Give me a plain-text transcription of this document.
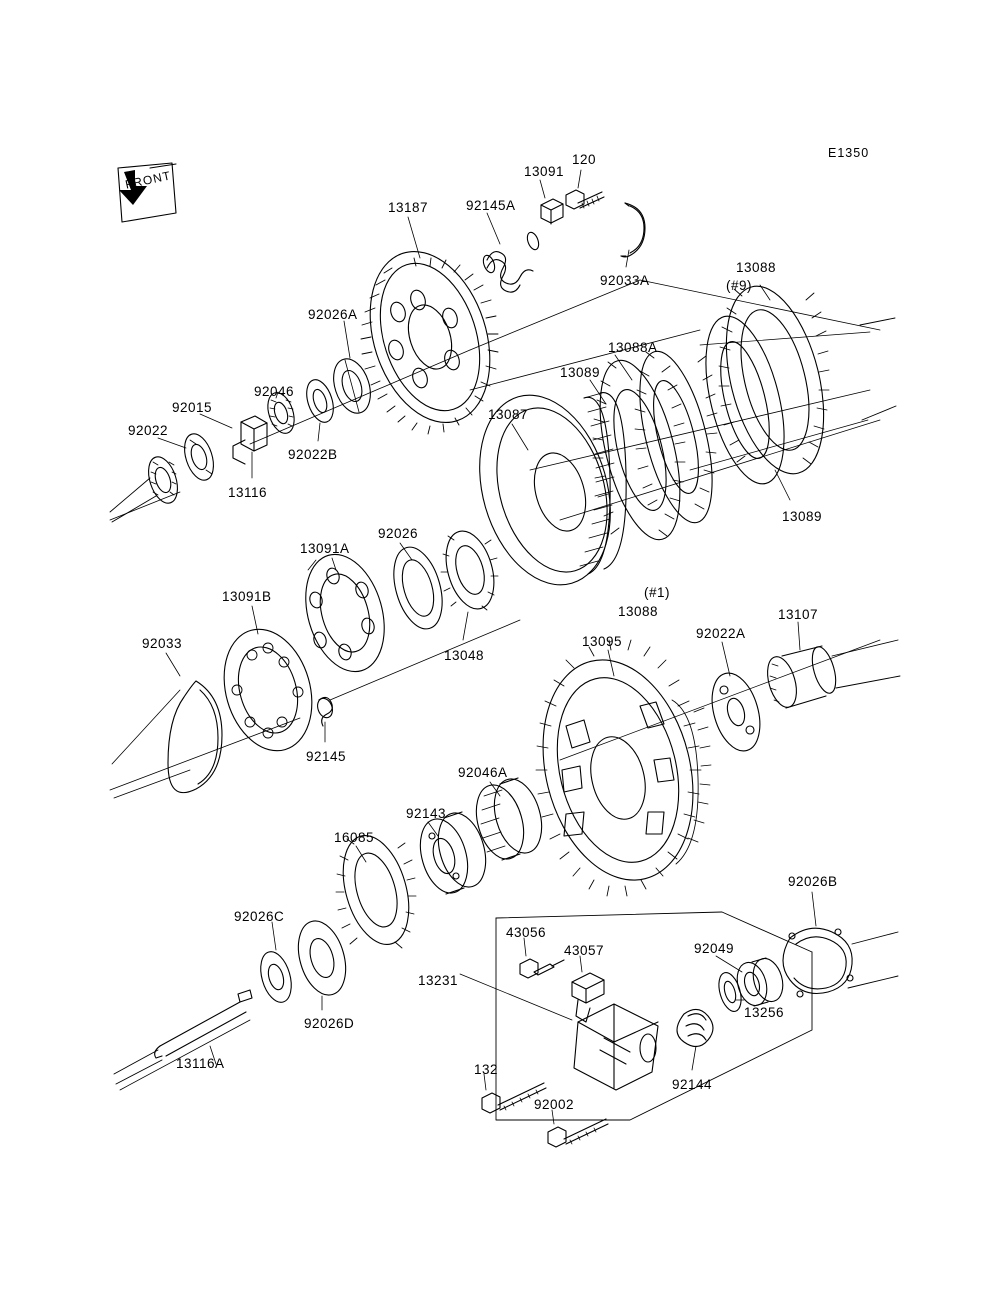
FRONT
E1350
13091
120
13187	92145A
92033A
13088
(#9)
92026A
13088A
13089
92046
92015	13087
92022
92022B
13116
13089
92026
13091A
(#1)
13088
13091B
13107
13095
92022A
92033
13048
92145
92046A
92143
16085
92026B
92026C
43056
43057	92049
13231
92026D
13256
132
92144
13116A
92002
